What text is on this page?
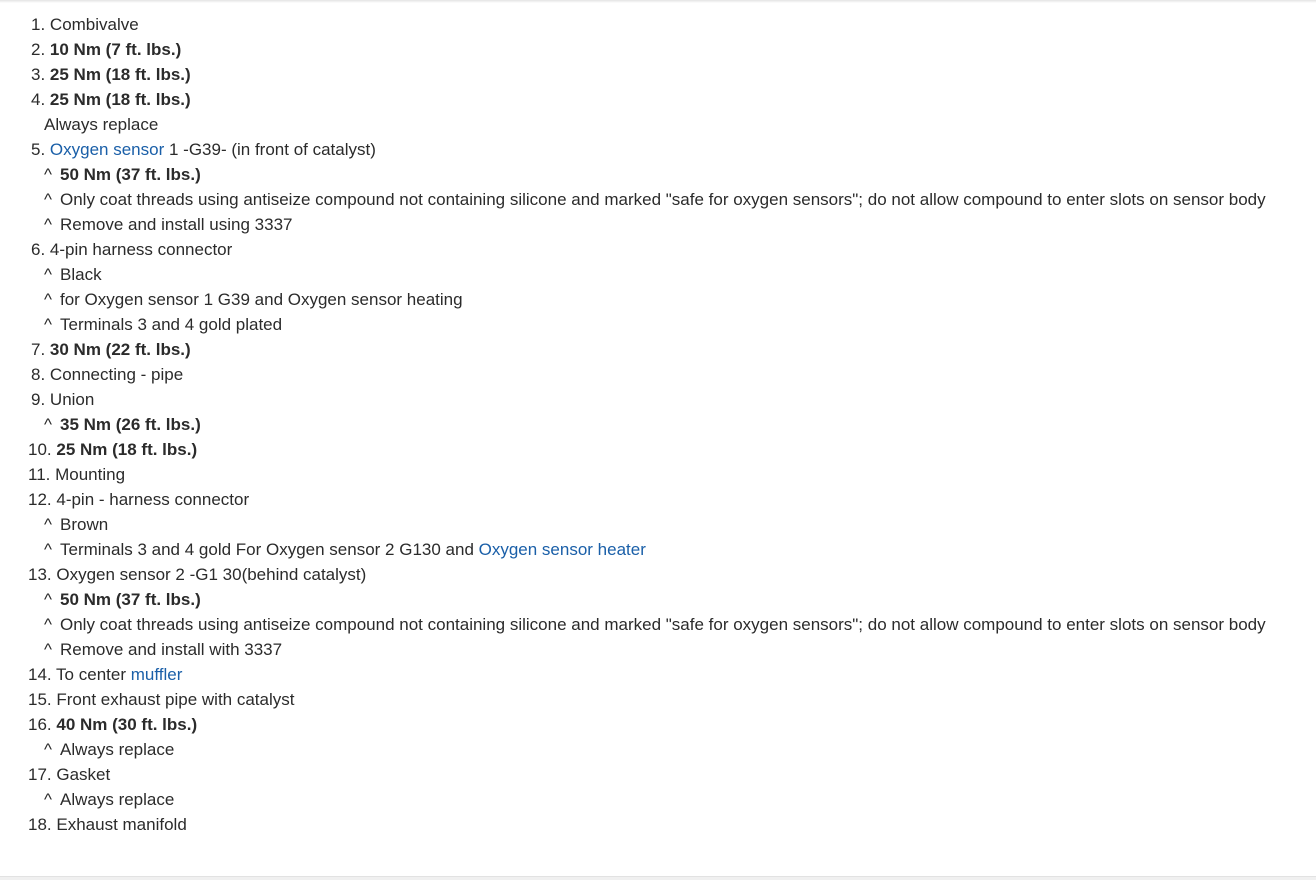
1. Combivalve
2. 10 Nm (7 ft. lbs.)
3. 25 Nm (18 ft. lbs.)
4. 25 Nm (18 ft. lbs.)
Always replace
5. Oxygen sensor 1 -G39- (in front of catalyst)
^ 50 Nm (37 ft. lbs.)
^ Only coat threads using antiseize compound not containing silicone and marked "safe for oxygen sensors"; do not allow compound to enter slots on sensor body
^ Remove and install using 3337
6. 4-pin harness connector
^ Black
^ for Oxygen sensor 1 G39 and Oxygen sensor heating
^ Terminals 3 and 4 gold plated
7. 30 Nm (22 ft. lbs.)
8. Connecting - pipe
9. Union
^ 35 Nm (26 ft. lbs.)
10. 25 Nm (18 ft. lbs.)
11. Mounting
12. 4-pin - harness connector
^ Brown
^ Terminals 3 and 4 gold For Oxygen sensor 2 G130 and Oxygen sensor heater
13. Oxygen sensor 2 -G1 30(behind catalyst)
^ 50 Nm (37 ft. lbs.)
^ Only coat threads using antiseize compound not containing silicone and marked "safe for oxygen sensors"; do not allow compound to enter slots on sensor body
^ Remove and install with 3337
14. To center muffler
15. Front exhaust pipe with catalyst
16. 40 Nm (30 ft. lbs.)
^ Always replace
17. Gasket
^ Always replace
18. Exhaust manifold
